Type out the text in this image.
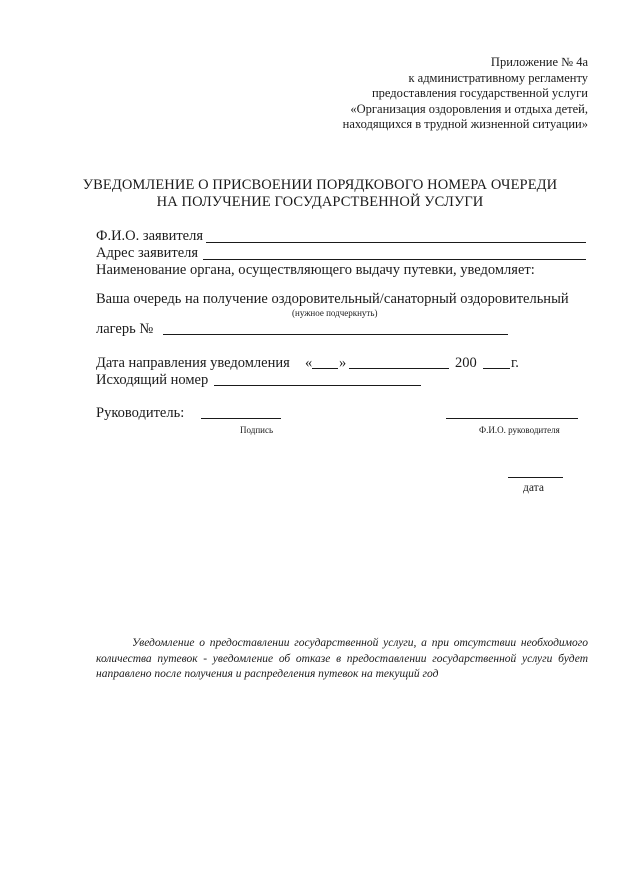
Приложение № 4а
к административному регламенту
предоставления государственной услуги
«Организация оздоровления и отдыха детей,
находящихся в трудной жизненной ситуации»
УВЕДОМЛЕНИЕ О ПРИСВОЕНИИ ПОРЯДКОВОГО НОМЕРА ОЧЕРЕДИ
НА ПОЛУЧЕНИЕ ГОСУДАРСТВЕННОЙ УСЛУГИ
Ф.И.О. заявителя
Адрес заявителя
Наименование органа, осуществляющего выдачу путевки, уведомляет:
Ваша очередь на получение оздоровительный/санаторный оздоровительный
(нужное подчеркнуть)
лагерь №
Дата направления уведомления « »	200 г.
Исходящий номер
Руководитель:
Подпись	Ф.И.О. руководителя
дата
Уведомление о предоставлении государственной услуги, а при отсутствии необходимого количества путевок - уведомление об отказе в предоставлении государственной услуги будет направлено после получения и распределения путевок на текущий год
